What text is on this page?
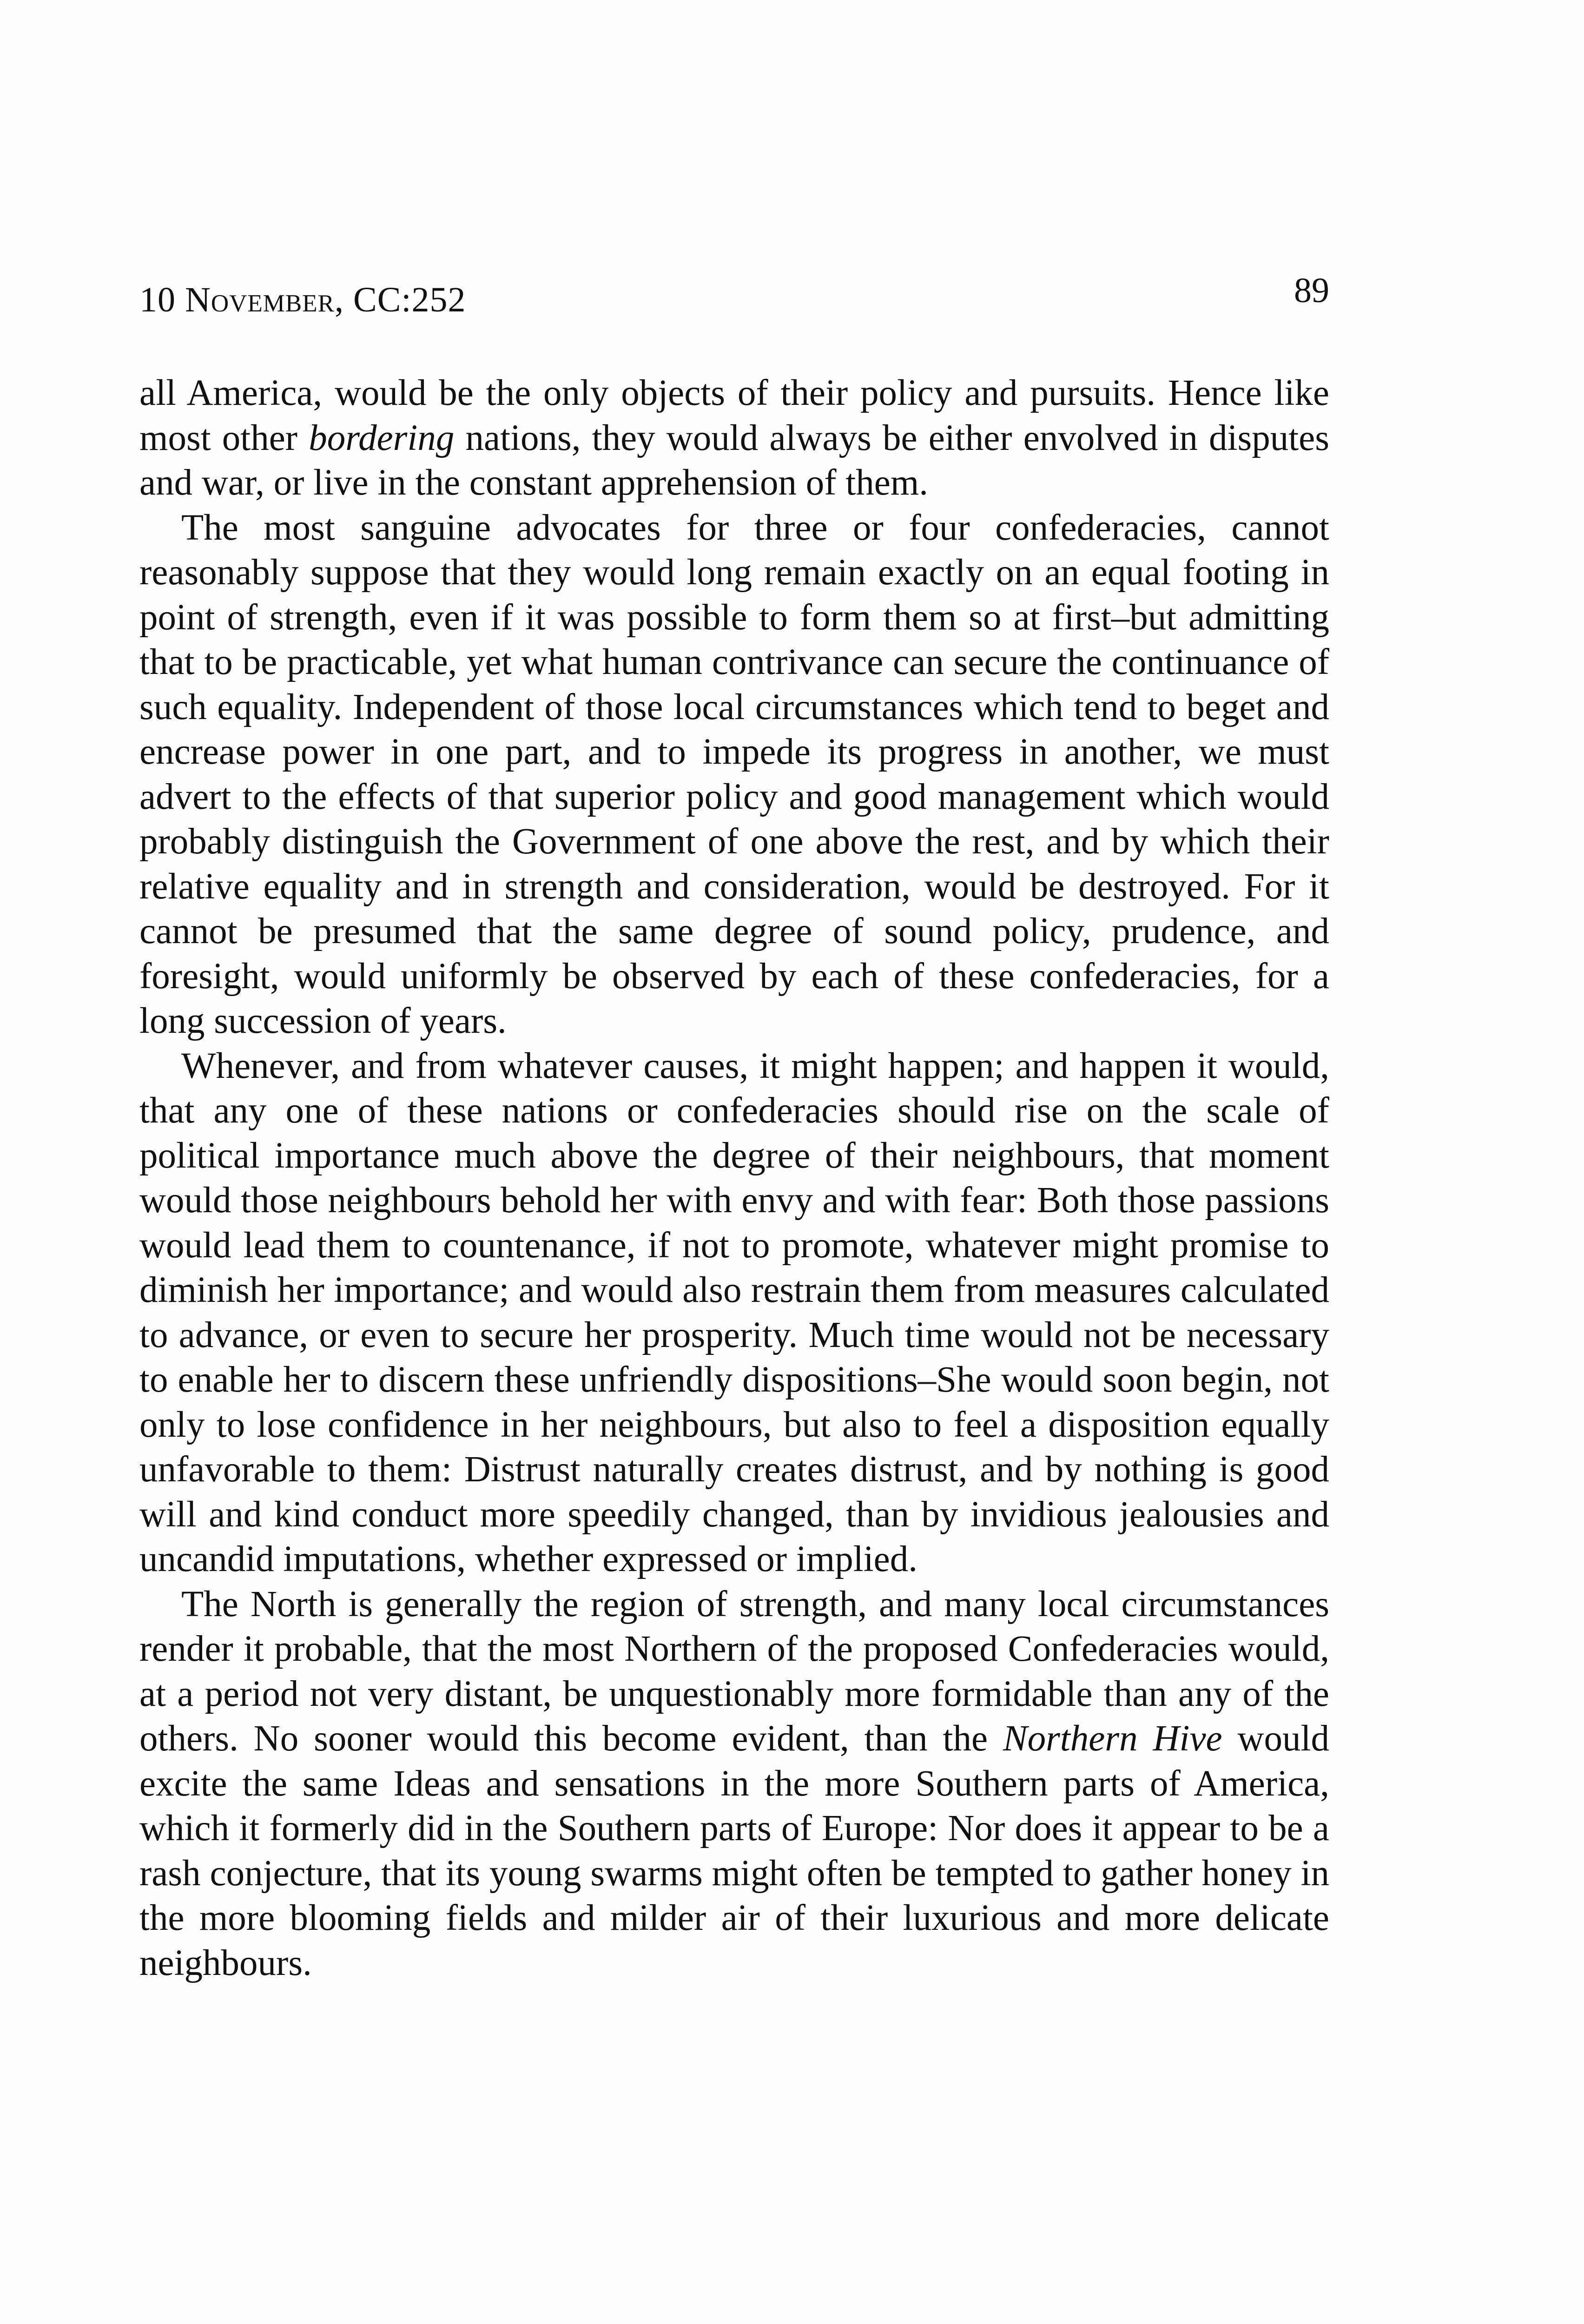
10 November, CC:252	89

all America, would be the only objects of their policy and pursuits. Hence like most other bordering nations, they would always be either envolved in disputes and war, or live in the constant apprehension of them.

The most sanguine advocates for three or four confederacies, cannot reasonably suppose that they would long remain exactly on an equal footing in point of strength, even if it was possible to form them so at first–but admitting that to be practicable, yet what human contrivance can secure the continuance of such equality. Independent of those local circumstances which tend to beget and encrease power in one part, and to impede its progress in another, we must advert to the effects of that superior policy and good management which would probably distinguish the Government of one above the rest, and by which their relative equality and in strength and consideration, would be destroyed. For it cannot be presumed that the same degree of sound policy, prudence, and foresight, would uniformly be observed by each of these confederacies, for a long succession of years.

Whenever, and from whatever causes, it might happen; and happen it would, that any one of these nations or confederacies should rise on the scale of political importance much above the degree of their neighbours, that moment would those neighbours behold her with envy and with fear: Both those passions would lead them to countenance, if not to promote, whatever might promise to diminish her importance; and would also restrain them from measures calculated to advance, or even to secure her prosperity. Much time would not be necessary to enable her to discern these unfriendly dispositions–She would soon begin, not only to lose confidence in her neighbours, but also to feel a disposition equally unfavorable to them: Distrust naturally creates distrust, and by nothing is good will and kind conduct more speedily changed, than by invidious jealousies and uncandid imputations, whether expressed or implied.

The North is generally the region of strength, and many local circumstances render it probable, that the most Northern of the proposed Confederacies would, at a period not very distant, be unquestionably more formidable than any of the others. No sooner would this become evident, than the Northern Hive would excite the same Ideas and sensations in the more Southern parts of America, which it formerly did in the Southern parts of Europe: Nor does it appear to be a rash conjecture, that its young swarms might often be tempted to gather honey in the more blooming fields and milder air of their luxurious and more delicate neighbours.
